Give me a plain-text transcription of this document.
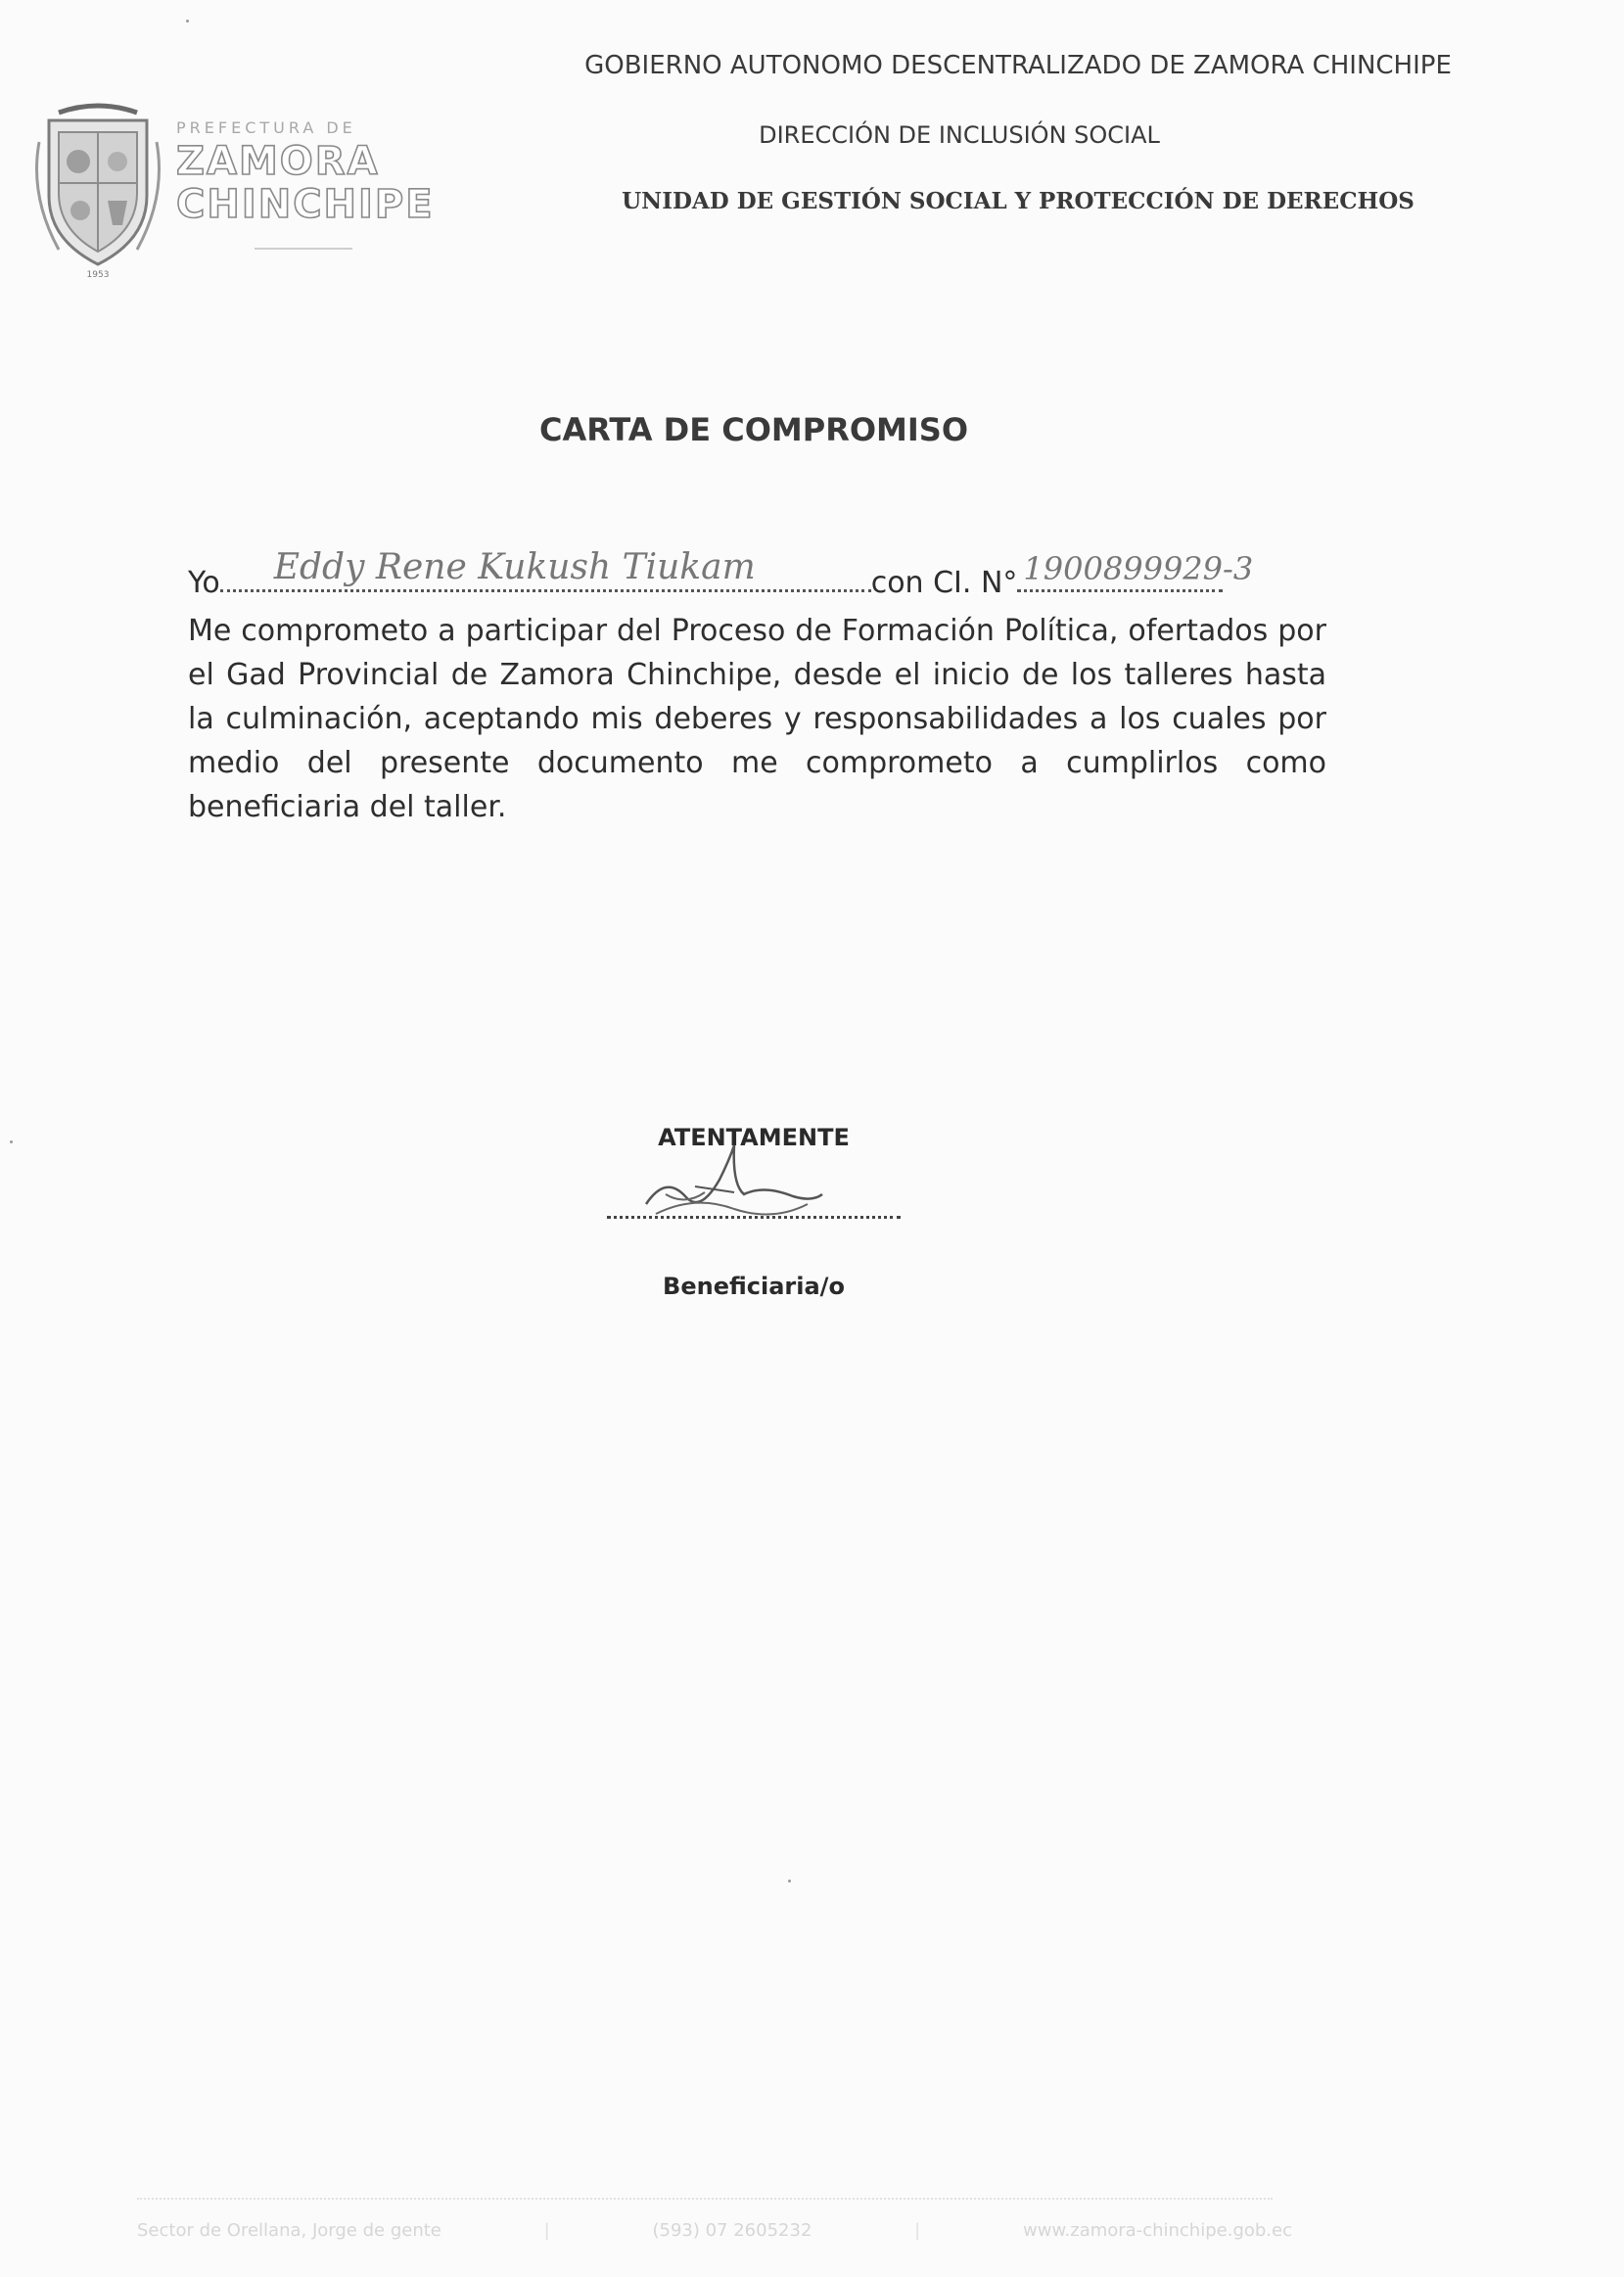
1953
PREFECTURA DE
ZAMORA
CHINCHIPE
GOBIERNO AUTONOMO DESCENTRALIZADO DE ZAMORA CHINCHIPE
DIRECCIÓN DE INCLUSIÓN SOCIAL
UNIDAD DE GESTIÓN SOCIAL Y PROTECCIÓN DE DERECHOS
CARTA DE COMPROMISO
Yo Eddy Rene Kukush Tiukam	con CI. N° 1900899929-3
Me comprometo a participar del Proceso de Formación Política, ofertados por el Gad Provincial de Zamora Chinchipe, desde el inicio de los talleres hasta la culminación, aceptando mis deberes y responsabilidades a los cuales por medio del presente documento me comprometo a cumplirlos como beneficiaria del taller.
ATENTAMENTE
Beneficiaria/o
Sector de Orellana, Jorge de gente	|	(593) 07 2605232	|	www.zamora-chinchipe.gob.ec
